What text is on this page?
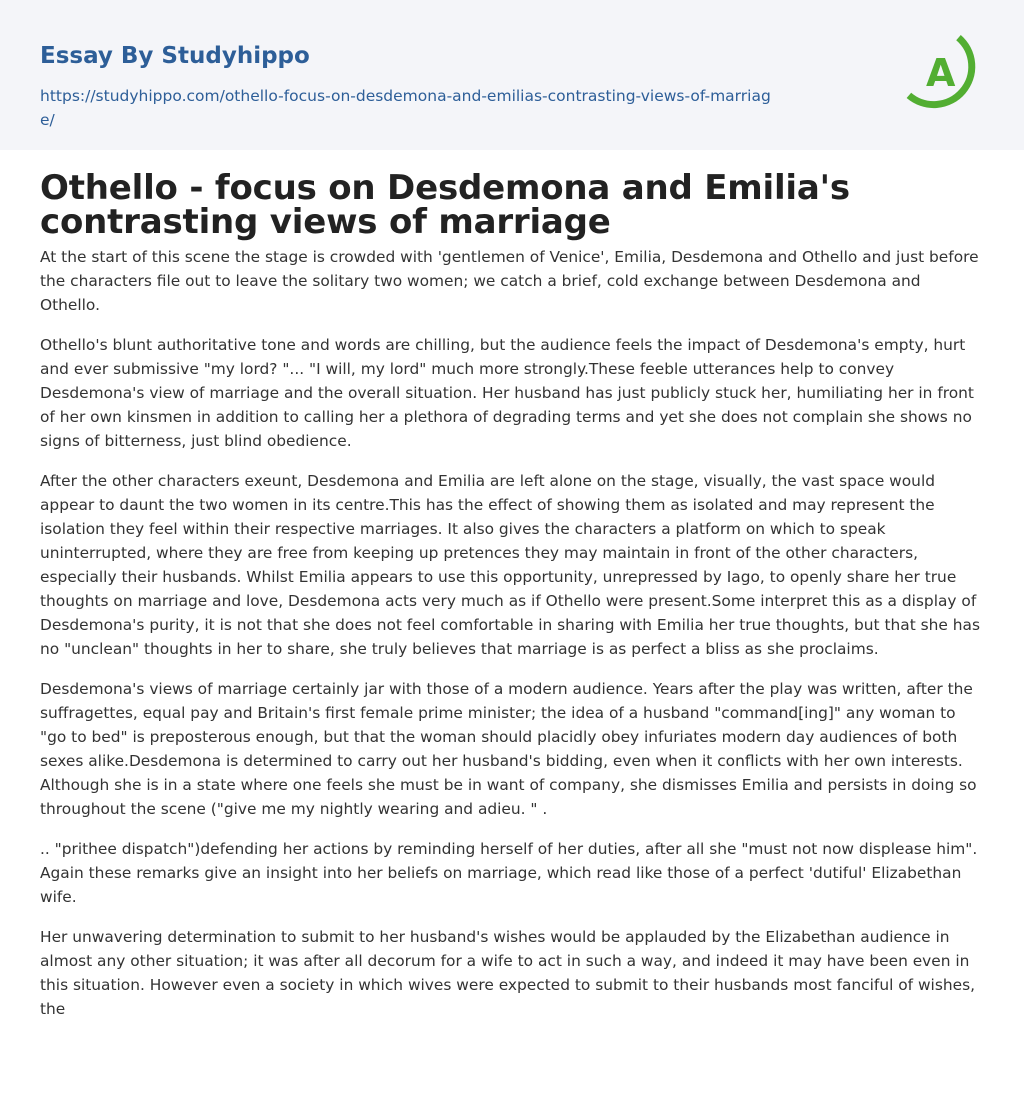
Essay By Studyhippo

https://studyhippo.com/othello-focus-on-desdemona-and-emilias-contrasting-views-of-marriage/
A
Othello - focus on Desdemona and Emilia's contrasting views of marriage

At the start of this scene the stage is crowded with 'gentlemen of Venice', Emilia, Desdemona and Othello and just before the characters file out to leave the solitary two women; we catch a brief, cold exchange between Desdemona and Othello.

Othello's blunt authoritative tone and words are chilling, but the audience feels the impact of Desdemona's empty, hurt and ever submissive "my lord? "... "I will, my lord" much more strongly.These feeble utterances help to convey Desdemona's view of marriage and the overall situation. Her husband has just publicly stuck her, humiliating her in front of her own kinsmen in addition to calling her a plethora of degrading terms and yet she does not complain she shows no signs of bitterness, just blind obedience.

After the other characters exeunt, Desdemona and Emilia are left alone on the stage, visually, the vast space would appear to daunt the two women in its centre.This has the effect of showing them as isolated and may represent the isolation they feel within their respective marriages. It also gives the characters a platform on which to speak uninterrupted, where they are free from keeping up pretences they may maintain in front of the other characters, especially their husbands. Whilst Emilia appears to use this opportunity, unrepressed by Iago, to openly share her true thoughts on marriage and love, Desdemona acts very much as if Othello were present.Some interpret this as a display of Desdemona's purity, it is not that she does not feel comfortable in sharing with Emilia her true thoughts, but that she has no "unclean" thoughts in her to share, she truly believes that marriage is as perfect a bliss as she proclaims.

Desdemona's views of marriage certainly jar with those of a modern audience. Years after the play was written, after the suffragettes, equal pay and Britain's first female prime minister; the idea of a husband "command[ing]" any woman to "go to bed" is preposterous enough, but that the woman should placidly obey infuriates modern day audiences of both sexes alike.Desdemona is determined to carry out her husband's bidding, even when it conflicts with her own interests. Although she is in a state where one feels she must be in want of company, she dismisses Emilia and persists in doing so throughout the scene ("give me my nightly wearing and adieu. " .

.. "prithee dispatch")defending her actions by reminding herself of her duties, after all she "must not now displease him". Again these remarks give an insight into her beliefs on marriage, which read like those of a perfect 'dutiful' Elizabethan wife.

Her unwavering determination to submit to her husband's wishes would be applauded by the Elizabethan audience in almost any other situation; it was after all decorum for a wife to act in such a way, and indeed it may have been even in this situation. However even a society in which wives were expected to submit to their husbands most fanciful of wishes, the
